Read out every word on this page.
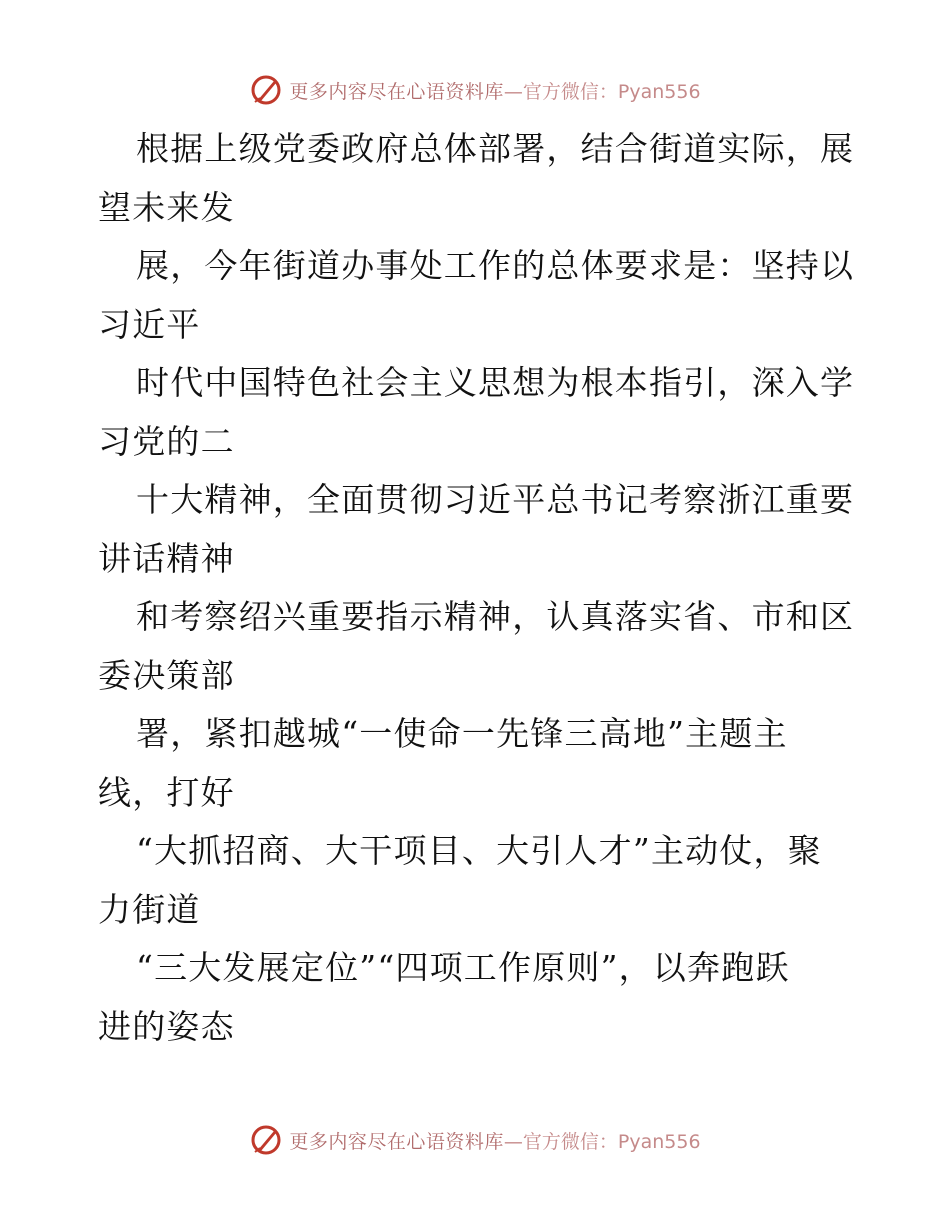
更多内容尽在心语资料库 —官方微信：Pyan556
根据上级党委政府总体部署，结合街道实际，展
望未来发
展，今年街道办事处工作的总体要求是：坚持以
习近平
时代中国特色社会主义思想为根本指引，深入学
习党的二
十大精神，全面贯彻习近平总书记考察浙江重要
讲话精神
和考察绍兴重要指示精神，认真落实省、市和区
委决策部
署，紧扣越城“一使命一先锋三高地”主题主
线，打好
“大抓招商、大干项目、大引人才”主动仗，聚
力街道
“三大发展定位”“四项工作原则”，以奔跑跃
进的姿态
更多内容尽在心语资料库 —官方微信：Pyan556
